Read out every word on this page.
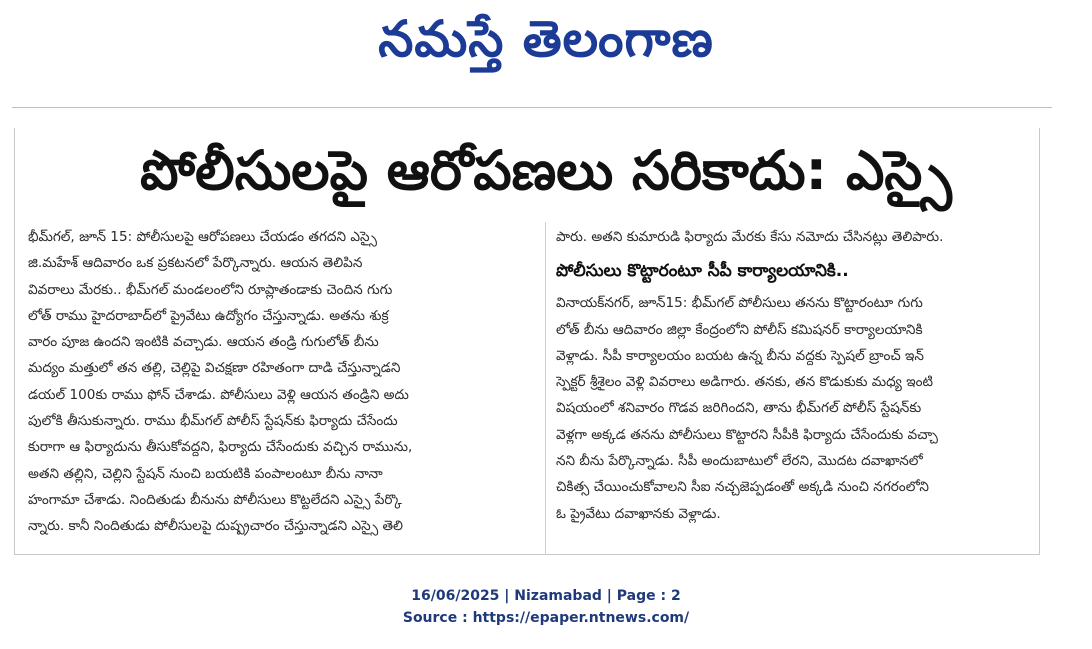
నమస్తే తెలంగాణ
పోలీసులపై ఆరోపణలు సరికాదు: ఎస్సై
భీమ్‌గల్, జూన్ 15: పోలీసులపై ఆరోపణలు చేయడం తగదని ఎస్సై
జి.మహేశ్ ఆదివారం ఒక ప్రకటనలో పేర్కొన్నారు. ఆయన తెలిపిన
వివరాలు మేరకు.. భీమ్‌గల్ మండలంలోని రూప్లాతండాకు చెందిన గుగు
లోత్ రాము హైదరాబాద్‌లో ప్రైవేటు ఉద్యోగం చేస్తున్నాడు. అతను శుక్ర
వారం పూజ ఉందని ఇంటికి వచ్చాడు. ఆయన తండ్రి గుగులోత్ బీను
మద్యం మత్తులో తన తల్లి, చెల్లిపై విచక్షణా రహితంగా దాడి చేస్తున్నాడని
డయల్ 100కు రాము ఫోన్ చేశాడు. పోలీసులు వెళ్లి ఆయన తండ్రిని అదు
పులోకి తీసుకున్నారు. రాము భీమ్‌గల్ పోలీస్ స్టేషన్‌కు ఫిర్యాదు చేసేందు
కురాగా ఆ ఫిర్యాదును తీసుకోవద్దని, ఫిర్యాదు చేసేందుకు వచ్చిన రామును,
అతని తల్లిని, చెల్లిని స్టేషన్ నుంచి బయటికి పంపాలంటూ బీను నానా
హంగామా చేశాడు. నిందితుడు బీనును పోలీసులు కొట్టలేదని ఎస్సై పేర్కొ
న్నారు. కానీ నిందితుడు పోలీసులపై దుష్ప్రచారం చేస్తున్నాడని ఎస్సై తెలి
పారు. అతని కుమారుడి ఫిర్యాదు మేరకు కేసు నమోదు చేసినట్లు తెలిపారు.
పోలీసులు కొట్టారంటూ సీపీ కార్యాలయానికి..
వినాయక్‌నగర్, జూన్15: భీమ్‌గల్ పోలీసులు తనను కొట్టారంటూ గుగు
లోత్ బీను ఆదివారం జిల్లా కేంద్రంలోని పోలీస్ కమిషనర్ కార్యాలయానికి
వెళ్లాడు. సీపీ కార్యాలయం బయట ఉన్న బీను వద్దకు స్పెషల్ బ్రాంచ్ ఇన్
స్పెక్టర్ శ్రీశైలం వెళ్లి వివరాలు అడిగారు. తనకు, తన కొడుకుకు మధ్య ఇంటి
విషయంలో శనివారం గొడవ జరిగిందని, తాను భీమ్‌గల్ పోలీస్ స్టేషన్‌కు
వెళ్లగా అక్కడ తనను పోలీసులు కొట్టారని సీపీకి ఫిర్యాదు చేసేందుకు వచ్చా
నని బీను పేర్కొన్నాడు. సీపీ అందుబాటులో లేరని, మొదట దవాఖానలో
చికిత్స చేయించుకోవాలని సీఐ నచ్చజెప్పడంతో అక్కడి నుంచి నగరంలోని
ఓ ప్రైవేటు దవాఖానకు వెళ్లాడు.
16/06/2025 | Nizamabad | Page : 2
Source : https://epaper.ntnews.com/
